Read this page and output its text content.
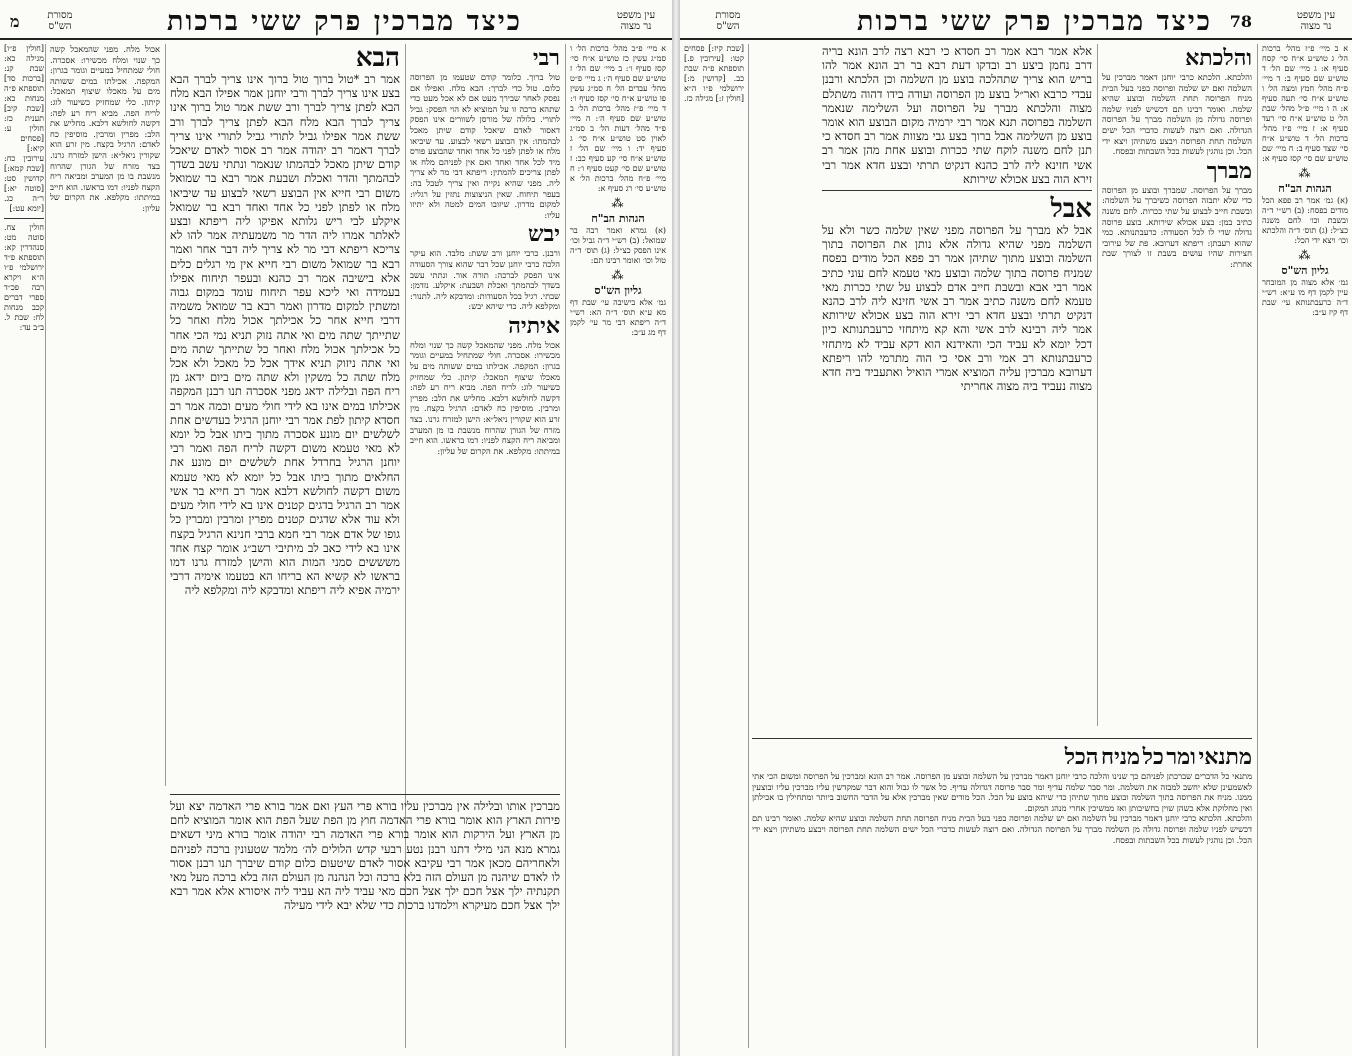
מ	עין משפט
נר מצוה
מסורת
הש"ס	כיצד מברכין פרק ששי ברכות

א מיי׳ פ״ב מהל׳ ברכות הל׳ ו סמ״ג עשין כז טוש״ע א״ח סי׳ קסז סעיף ו׳: ב מיי׳ שם הל׳ ז טוש״ע שם סעיף ה׳: ג מיי׳ פ״ט מהל׳ עבדים הל׳ ח סמ״ג עשין פו טוש״ע א״ח סי׳ קסז סעיף ו׳: ד מיי׳ פ״ז מהל׳ ברכות הל׳ ב טוש״ע שם סעיף ה׳: ה מיי׳ פ״ד מהל׳ דעות הל׳ ב סמ״ג לאוין סט טוש״ע א״ח סי׳ ג סעיף יד: ו מיי׳ שם הל׳ ז טוש״ע א״ח סי׳ קע סעיף כב: ז טוש״ע שם סי׳ קעט סעיף ו׳: ח מיי׳ פ״ח מהל׳ ברכות הל׳ א טוש״ע סי׳ רג סעיף א:

⁂
הגהות הב"ח

(א) גמרא ואמר רבה בר שמואל: (ב) רש״י ד״ה גביל וכו׳ אינו הפסק כצ״ל: (ג) תוס׳ ד״ה טול וכו׳ ואומר רבינו תם:

⁂
גליון הש"ס

גמ׳ אלא בישיבה עי׳ שבת דף מא ע״א תוס׳ ד״ה הא: רש״י ד״ה ריפתא דבי מר עי׳ לקמן דף מג ע״ב:

רבי

טול ברוך. כלומר קודם שטעמו מן הפרוסה כלום. טול כדי לברך: הבא מלח. ואפילו אם נפסק לאחר שבירך מעט אם לא אכל מעט כדי שתהא ברכה זו על המוציא לא הוי הפסק: גביל לתורי. בלולה של מורסן לשוורים אינו הפסק דאסור לאדם שיאכל קודם שיתן מאכל לבהמתו: אין הבוצע רשאי לבצוע. עד שיביאו מלח או לפתן לפני כל אחד ואחד שהבוצע פורס מיד לכל אחד ואחד ואם אין לפניהם מלח או לפתן צריכים להמתין: ריפתא דבי מר לא צריך ליה. מפני שהיא נקייה ואין צריך לטבל בה: בעפר תיחוח. שאין הניצוצות נתזין על רגליו: למקום מדרון. שיזובו המים למטה ולא יתיזו עליו:

יבש

ורבנן. כרבי יוחנן ורב ששת: מלבד. הוא עיקר הלכה כרבי יוחנן שכל דבר שהוא צורך הסעודה אינו הפסק לברכה: תורה אור. ונתתי עשב בשדך לבהמתך ואכלת ושבעת: איקלע. נזדמן: שבתי. רגיל בכל הסעודות: ומדבקא ליה. לתנור: ומקלפא ליה. כדי שיהא יבש:

איתיה

אכול מלח. מפני שהמאכל קשה כך שנוי ומלח מכשירו: אסכרה. חולי שמתחיל במעיים וגומר בגרון: המקפה. אכילתו במים ששותה מים על מאכלו שיצוף המאכל: קיתון. כלי שמחזיק כשיעור לוג: לריח הפה. מביא ריח רע לפה: דקשה לחולשא דלבא. מחליש את הלב: מפרין ומרבין. מוסיפין כח לאדם: הרגיל בקצח. מין זרע הוא שקורין ניאל״א: הישן למזרח גרנו. בצד מזרח של הגורן שהרוח מנשבת בו מן המערב ומביאה ריח הקצח לפניו: דמו בראשו. הוא חייב במיתתו: מקלפא. את הקרום של עליון:

הבא

אמר רב *טול ברוך טול ברוך אינו צריך לברך הבא בצע אינו צריך לברך ורבי יוחנן אמר אפילו הבא מלח הבא לפתן צריך לברך ורב ששת אמר טול ברוך אינו צריך לברך הבא מלח הבא לפתן צריך לברך ורב ששת אמר אפילו גביל לתורי גביל לתורי אינו צריך לברך דאמר רב יהודה אמר רב אסור לאדם שיאכל קודם שיתן מאכל לבהמתו שנאמר ונתתי עשב בשדך לבהמתך והדר ואכלת ושבעת אמר רבא בר שמואל משום רבי חייא אין הבוצע רשאי לבצוע עד שיביאו מלח או לפתן לפני כל אחד ואחד רבא בר שמואל איקלע לבי ריש גלותא אפיקו ליה ריפתא ובצע לאלתר אמרו ליה הדר מר משמעתיה אמר להו לא צריכא ריפתא דבי מר לא צריך ליה דבר אחר ואמר רבא בר שמואל משום רבי חייא אין מי רגלים כלים אלא בישיבה אמר רב כהנא ובעפר תיחוח אפילו בעמידה ואי ליכא עפר תיחוח עומד במקום גבוה ומשתין למקום מדרון ואמר רבא בר שמואל משמיה דרבי חייא אחר כל אכילתך אכול מלח ואחר כל שתייתך שתה מים ואי אתה נזוק תניא נמי הכי אחר כל אכילתך אכול מלח ואחר כל שתייתך שתה מים ואי אתה ניזוק תניא אידך אכל כל מאכל ולא אכל מלח שתה כל משקין ולא שתה מים ביום ידאג מן ריח הפה ובלילה ידאג מפני אסכרה תנו רבנן המקפה אכילתו במים אינו בא לידי חולי מעים וכמה אמר רב חסדא קיתון לפת אמר רבי יוחנן הרגיל בעדשים אחת לשלשים יום מונע אסכרה מתוך ביתו אבל כל יומא לא מאי טעמא משום דקשה לריח הפה ואמר רבי יוחנן הרגיל בחרדל אחת לשלשים יום מונע את החלאים מתוך ביתו אבל כל יומא לא מאי טעמא משום דקשה לחולשא דלבא אמר רב חייא בר אשי אמר רב הרגיל בדגים קטנים אינו בא לידי חולי מעים ולא עוד אלא שדגים קטנים מפרין ומרבין ומברין כל גופו של אדם אמר רבי חמא ברבי חנינא הרגיל בקצח אינו בא לידי כאב לב מיתיבי רשב״ג אומר קצח אחד משששים סמני המות הוא והישן למזרח גרנו דמו בראשו לא קשיא הא בריחו הא בטעמו אימיה דרבי ירמיה אפיא ליה ריפתא ומדבקא ליה ומקלפא ליה

מברכין אותו ובלילה אין מברכין עליו בורא פרי העץ ואם אמר בורא פרי האדמה יצא ועל פירות הארץ הוא אומר בורא פרי האדמה חוץ מן הפת שעל הפת הוא אומר המוציא לחם מן הארץ ועל הירקות הוא אומר בורא פרי האדמה רבי יהודה אומר בורא מיני דשאים גמרא מנא הני מילי דתנו רבנן נטע רבעי קדש הלולים לה׳ מלמד שטעונין ברכה לפניהם ולאחריהם מכאן אמר רבי עקיבא אסור לאדם שיטעום כלום קודם שיברך תנו רבנן אסור לו לאדם שיהנה מן העולם הזה בלא ברכה וכל הנהנה מן העולם הזה בלא ברכה מעל מאי תקנתיה ילך אצל חכם ילך אצל חכם מאי עביד ליה הא עביד ליה איסורא אלא אמר רבא ילך אצל חכם מעיקרא וילמדנו ברכות כדי שלא יבא לידי מעילה

אכול מלח. מפני שהמאכל קשה כך שנוי ומלח מכשירו: אסכרה. חולי שמתחיל במעיים וגומר בגרון: המקפה. אכילתו במים ששותה מים על מאכלו שיצוף המאכל: קיתון. כלי שמחזיק כשיעור לוג: לריח הפה. מביא ריח רע לפה: דקשה לחולשא דלבא. מחליש את הלב: מפרין ומרבין. מוסיפין כח לאדם: הרגיל בקצח. מין זרע הוא שקורין ניאל״א: הישן למזרח גרנו. בצד מזרח של הגורן שהרוח מנשבת בו מן המערב ומביאה ריח הקצח לפניו: דמו בראשו. הוא חייב במיתתו: מקלפא. את הקרום של עליון:

[חולין פ״ו] מגילה כא: שבת קנ: [ברכות סד] תוספתא פ״ה מנחות כא: [שבת קיב] תענית כז: חולין ע: [פסחים קיא:] עירובין כח: [שבת קמא:] קדושין סט: [סוטה יא:] ר״ה כג. [יומא עט:]

חולין צח. סוטה מט: סנהדרין קא: תוספתא פ״ד ירושלמי פ״ו ה״א ויקרא רבה פכ״ד ספרי דברים קכב מנחות לח: שבת ל. ב״ב עד:

78	עין משפט
נר מצוה
מסורת
הש"ס	כיצד מברכין פרק ששי ברכות

א ב מיי׳ פ״ז מהל׳ ברכות הל׳ ג טוש״ע א״ח סי׳ קסח סעיף א: ג מיי׳ שם הל׳ ד טוש״ע שם סעיף ב: ד מיי׳ פ״ח מהל׳ חמץ ומצה הל׳ ו טוש״ע א״ח סי׳ תעה סעיף א: ה ו מיי׳ פ״ל מהל׳ שבת הל׳ ט טוש״ע א״ח סי׳ רעד סעיף א: ז מיי׳ פ״ז מהל׳ ברכות הל׳ ד טוש״ע א״ח סי׳ שצד סעיף ב: ח מיי׳ שם טוש״ע שם סי׳ קסז סעיף א:

⁂
הגהות הב"ח

(א) גמ׳ אמר רב פפא הכל מודים בפסח: (ב) רש״י ד״ה ובשבת וכו׳ לחם משנה כצ״ל: (ג) תוס׳ ד״ה והלכתא וכו׳ ויצא ידי הכל:

⁂
גליון הש"ס

גמ׳ אלא מצוה מן המובחר עיין לקמן דף מו ע״א: רש״י ד״ה כרעבתנותא עי׳ שבת דף קיז ע״ב:

והלכתא

והלכתא. הלכתא כרבי יוחנן דאמר מברכין על השלמה ואם יש שלמה ופרוסה בפני בעל הבית מניח הפרוסה תחת השלמה ובוצע שהיא שלמה. ואומר רבינו תם דכשיש לפניו שלמה ופרוסה גדולה מן השלמה מברך על הפרוסה הגדולה. ואם רוצה לעשות כדברי הכל ישים השלמה תחת הפרוסה ויבצע משתיהן ויצא ידי הכל. וכן נוהגין לעשות בכל השבתות ובפסח.

מברך

מברך על הפרוסה. שמברך ובוצע מן הפרוסה כדי שלא יתבזה הפרוסה כשיברך על השלמה: ובשבת חייב לבצוע על שתי ככרות. לחם משנה כתיב במן: בצע אכולא שירותא. בוצע פרוסה גדולה שדי לו לכל הסעודה: כרעבתנותא. כמי שהוא רעבתן: ריפתא דערובא. פת של עירובי חצירות שהיו עושים בשבת זו לצורך שבת אחרת:

אלא אמר רבא אמר רב חסדא כי רבא רצה לרב הונא בריה דרב נחמן ביצע רב ובדקו דעת רבא בר רב הונא אמר להו בריש הוא צריך שתהלכה בוצע מן השלמה וכן הלכתא ורבנן עבדי כרבא ואר״ל בוצע מן הפרוסה ועודה בידו דהוה משתלם מצוה והלכתא מברך על הפרוסה ועל השלימה שנאמר השלמה בפרוסה תנא אמר רבי ירמיה מקום הבוצע הוא אומר בוצע מן השלימה אבל ברוך בצע גבי מצוות אמר רב חסדא כי תנן לחם משנה לוקח שתי ככרות ובוצע אחת מהן אמר רב אשי חזינא ליה לרב כהנא דנקיט תרתי ובצע חדא אמר רבי זירא הוה בצע אכולא שירותא

אבל

אבל לא מברך על הפרוסה מפני שאין שלמה כשר ולא על השלמה מפני שהיא גדולה אלא נותן את הפרוסה בתוך השלמה ובוצע מתוך שתיהן אמר רב פפא הכל מודים בפסח שמניח פרוסה בתוך שלמה ובוצע מאי טעמא לחם עוני כתיב אמר רבי אבא ובשבת חייב אדם לבצוע על שתי ככרות מאי טעמא לחם משנה כתיב אמר רב אשי חזינא ליה לרב כהנא דנקיט תרתי ובצע חדא רבי זירא הוה בצע אכולא שירותא אמר ליה רבינא לרב אשי והא קא מיתחזי כרעבתנותא כיון דכל יומא לא עביד הכי והאידנא הוא דקא עביד לא מיתחזי כרעבתנותא רב אמי ורב אסי כי הוה מתרמי להו ריפתא דערובא מברכין עליה המוציא אמרי הואיל ואתעביד ביה חדא מצוה נעביד ביה מצוה אחריתי

מתנאי ומר כל מניח הכל

מתנאי כל הדברים שברכתן לפניהם כך שנינו והלכה כרבי יוחנן דאמר מברכין על השלמה ובוצע מן הפרוסה. אמר רב הונא ומברכין על הפרוסה ומשום הכי אתי לאשמעינן שלא יחשב למבזה את השלמה. ומר סבר שלמה עדיף ומר סבר פרוסה דגדולה עדיף. כל אשר לו גבול והוא דבר שמקדשין עליו מברכין עליו ובוצעין ממנו. מניח את הפרוסה בתוך השלמה ובוצע מתוך שתיהן כדי שיהא בוצע על הכל. הכל מודים שאין מברכין אלא על הדבר החשוב ביותר ומתחילין בו אכילתן ואין מחלוקת אלא כשהן שוין בחשיבותן ואז ממשיכין אחרי מנהג המקום.

והלכתא. הלכתא כרבי יוחנן דאמר מברכין על השלמה ואם יש שלמה ופרוסה בפני בעל הבית מניח הפרוסה תחת השלמה ובוצע שהיא שלמה. ואומר רבינו תם דכשיש לפניו שלמה ופרוסה גדולה מן השלמה מברך על הפרוסה הגדולה. ואם רוצה לעשות כדברי הכל ישים השלמה תחת הפרוסה ויבצע משתיהן ויצא ידי הכל. וכן נוהגין לעשות בכל השבתות ובפסח.

[שבת קיז:] פסחים קטו: [עירובין פ.] תוספתא פ״ה שבת כב. [קדושין מ:] ירושלמי פ״ו ה״א [חולין ז:] מגילה כז.
